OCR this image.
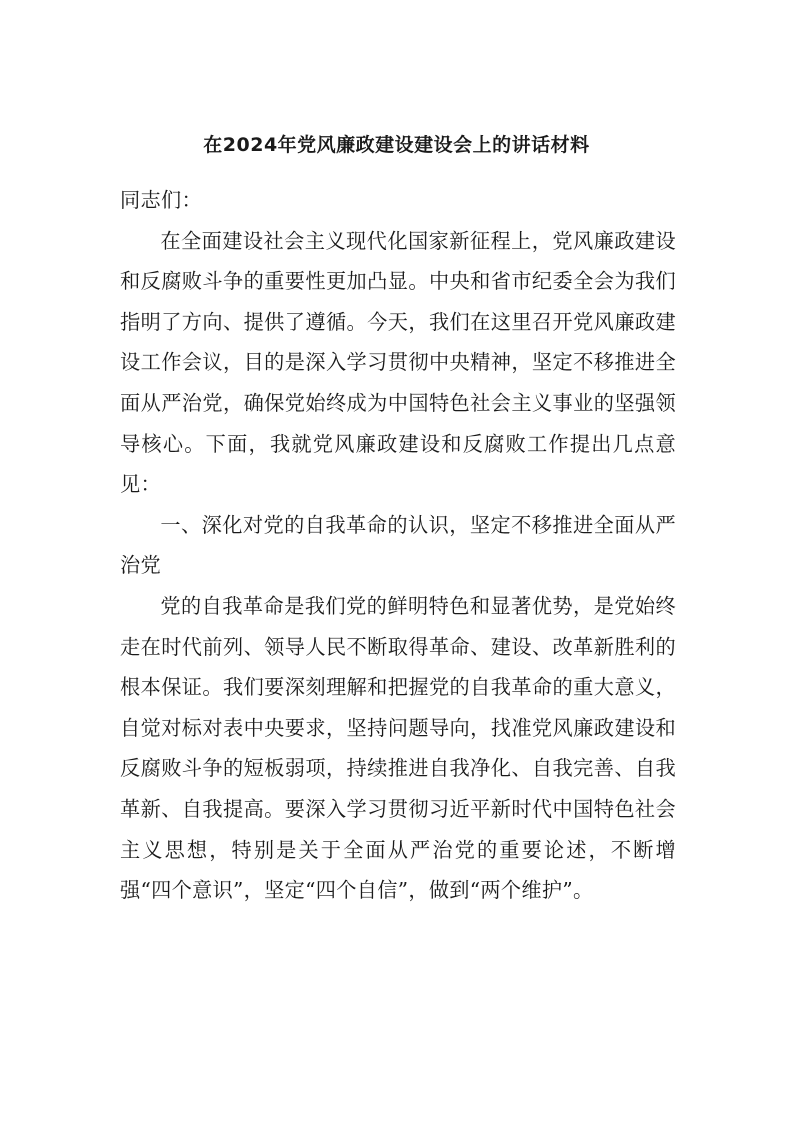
在2024年党风廉政建设建设会上的讲话材料

同志们：

在全面建设社会主义现代化国家新征程上，党风廉政建设和反腐败斗争的重要性更加凸显。中央和省市纪委全会为我们指明了方向、提供了遵循。今天，我们在这里召开党风廉政建设工作会议，目的是深入学习贯彻中央精神，坚定不移推进全面从严治党，确保党始终成为中国特色社会主义事业的坚强领导核心。下面，我就党风廉政建设和反腐败工作提出几点意见：

一、深化对党的自我革命的认识，坚定不移推进全面从严治党

党的自我革命是我们党的鲜明特色和显著优势，是党始终走在时代前列、领导人民不断取得革命、建设、改革新胜利的根本保证。我们要深刻理解和把握党的自我革命的重大意义，自觉对标对表中央要求，坚持问题导向，找准党风廉政建设和反腐败斗争的短板弱项，持续推进自我净化、自我完善、自我革新、自我提高。要深入学习贯彻习近平新时代中国特色社会主义思想，特别是关于全面从严治党的重要论述，不断增强“四个意识”，坚定“四个自信”，做到“两个维护”。
